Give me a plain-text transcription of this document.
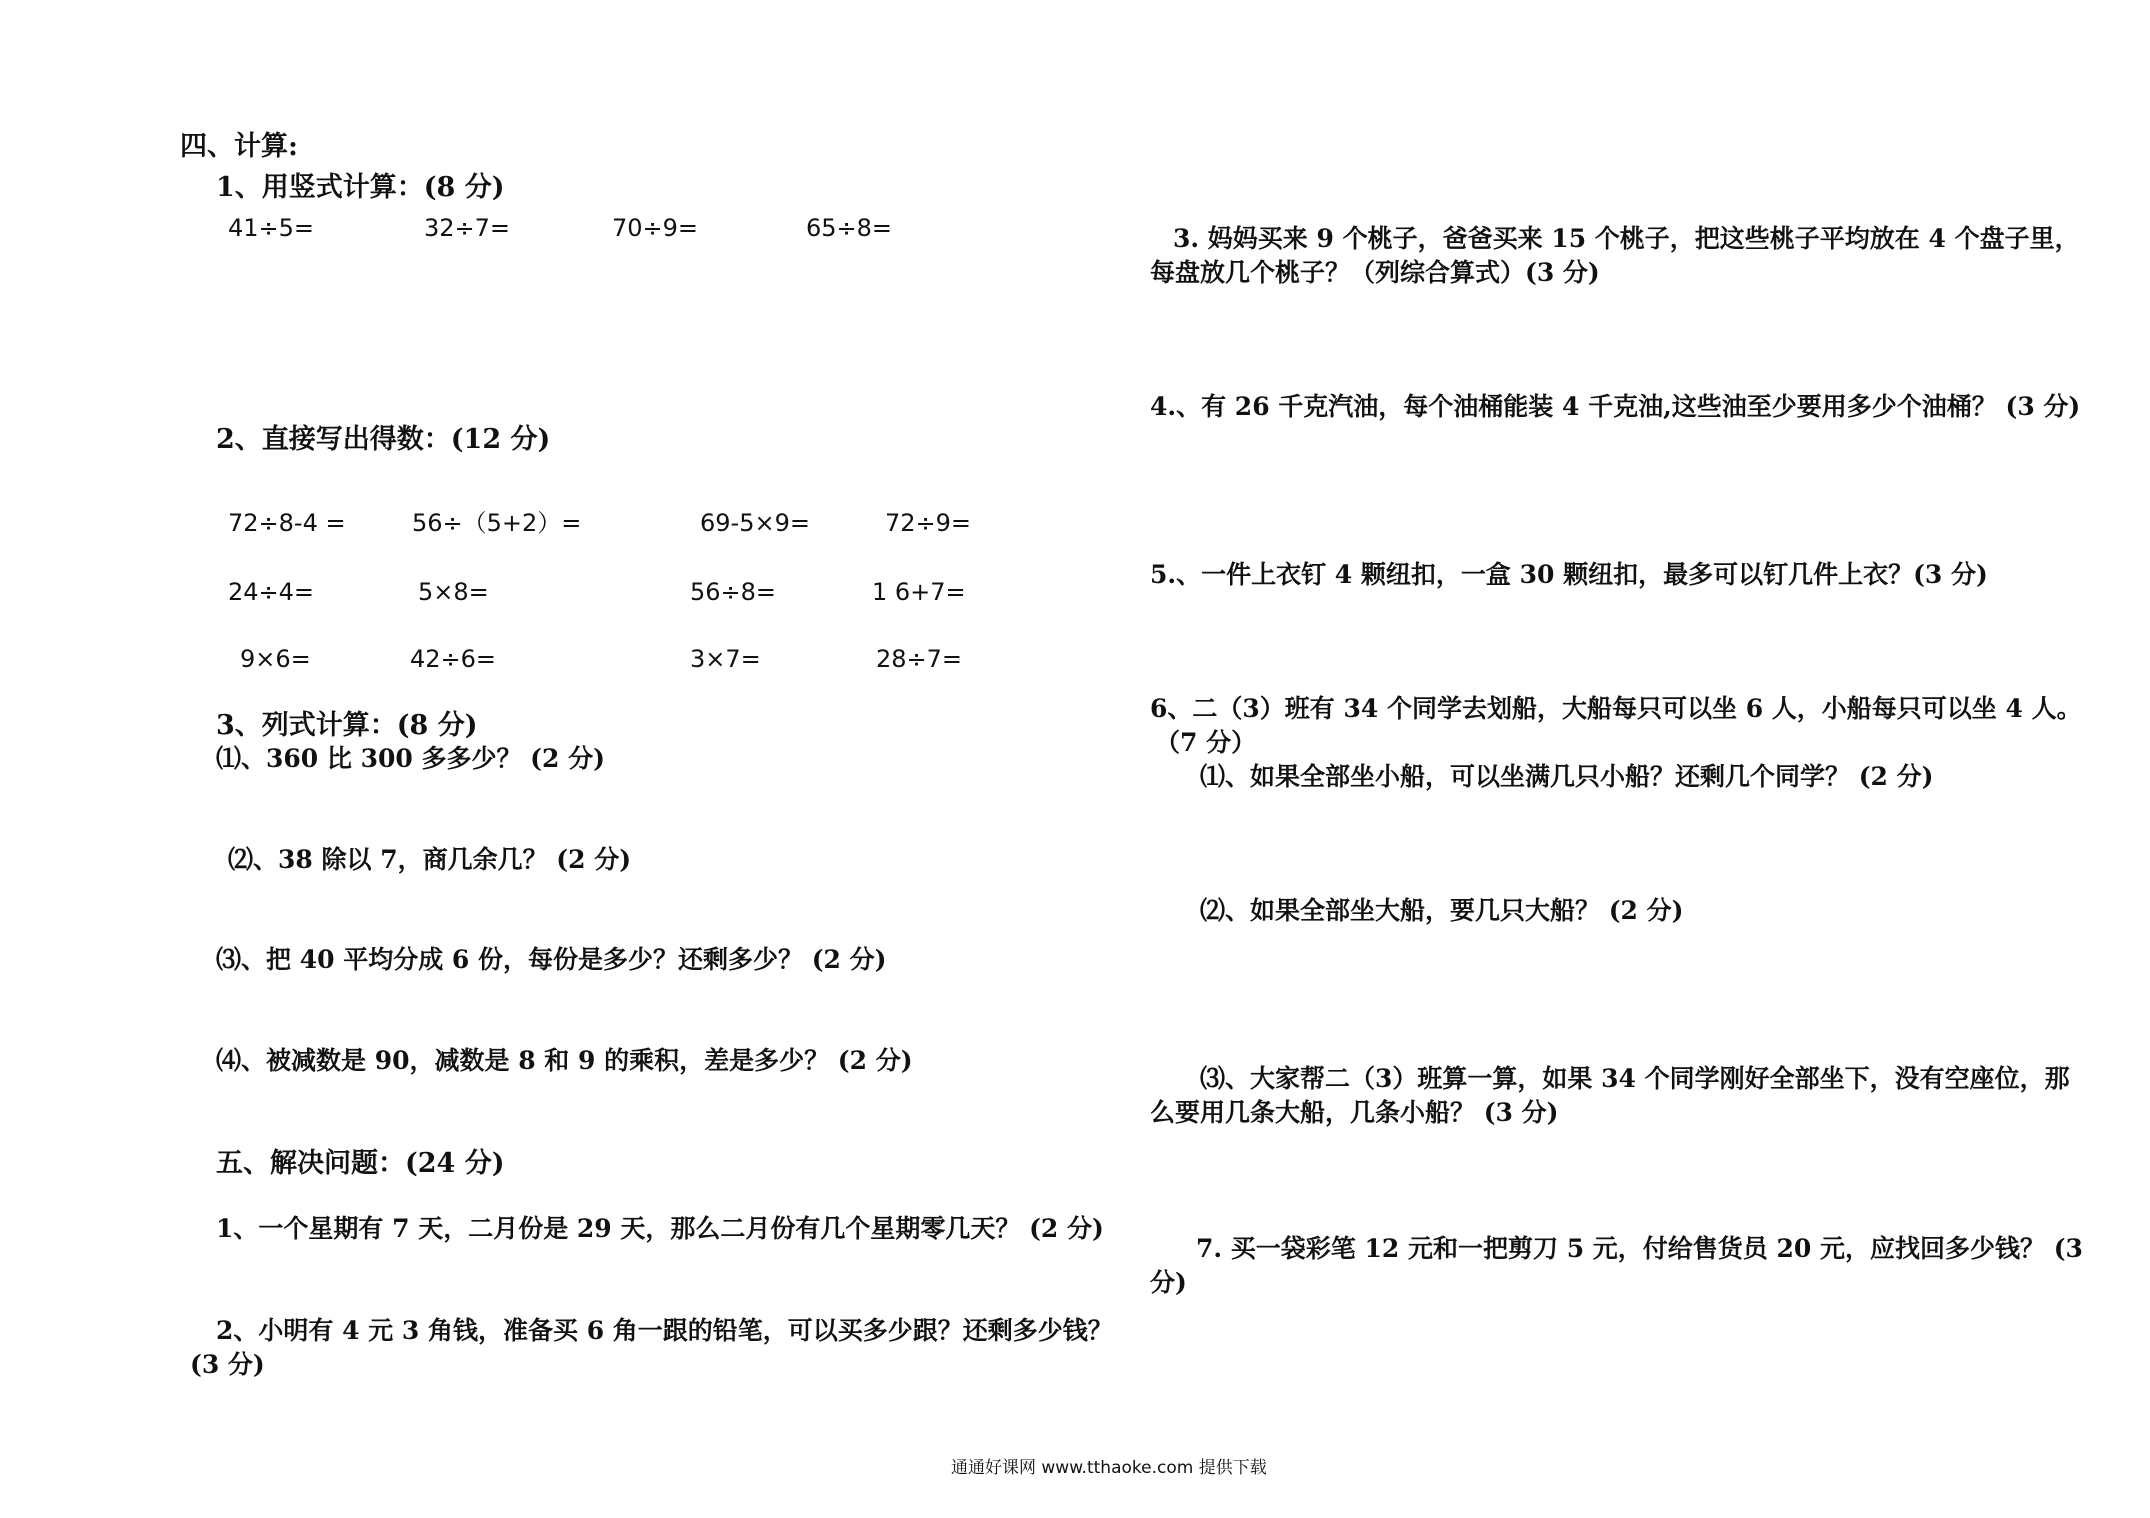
四、计算:
1、用竖式计算：(8 分)
41÷5=	32÷7=	70÷9=	65÷8=
2、直接写出得数：(12 分)
72÷8-4 =	56÷（5+2）=	69-5×9=	72÷9=
24÷4=	5×8=	56÷8=	1 6+7=
9×6=	42÷6=	3×7=	28÷7=
3、列式计算：(8 分)
⑴、360 比 300 多多少？ (2 分)
⑵、38 除以 7，商几余几？ (2 分)
⑶、把 40 平均分成 6 份，每份是多少？还剩多少？ (2 分)
⑷、被减数是 90，减数是 8 和 9 的乘积，差是多少？ (2 分)
五、解决问题：(24 分)
1、一个星期有 7 天，二月份是 29 天，那么二月份有几个星期零几天？ (2 分)
2、小明有 4 元 3 角钱，准备买 6 角一跟的铅笔，可以买多少跟？还剩多少钱？
(3 分)
3. 妈妈买来 9 个桃子，爸爸买来 15 个桃子，把这些桃子平均放在 4 个盘子里，
每盘放几个桃子？（列综合算式）(3 分)
4.、有 26 千克汽油，每个油桶能装 4 千克油,这些油至少要用多少个油桶？ (3 分)
5.、一件上衣钉 4 颗纽扣，一盒 30 颗纽扣，最多可以钉几件上衣？(3 分)
6、二（3）班有 34 个同学去划船，大船每只可以坐 6 人，小船每只可以坐 4 人。
（7 分）
⑴、如果全部坐小船，可以坐满几只小船？还剩几个同学？ (2 分)
⑵、如果全部坐大船，要几只大船？ (2 分)
⑶、大家帮二（3）班算一算，如果 34 个同学刚好全部坐下，没有空座位，那
么要用几条大船，几条小船？ (3 分)
7. 买一袋彩笔 12 元和一把剪刀 5 元，付给售货员 20 元，应找回多少钱？ (3
分)
通通好课网 www.tthaoke.com 提供下载
